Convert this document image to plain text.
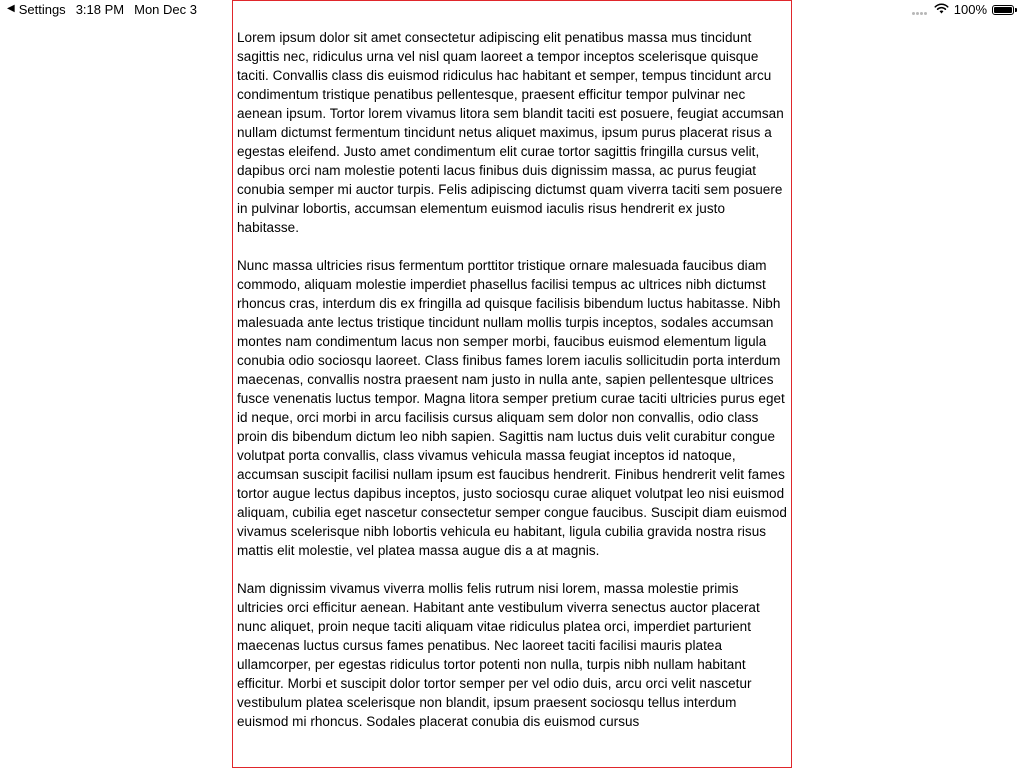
◀ Settings 3:18 PM Mon Dec 3	100%

Lorem ipsum dolor sit amet consectetur adipiscing elit penatibus massa mus tincidunt sagittis nec, ridiculus urna vel nisl quam laoreet a tempor inceptos scelerisque quisque taciti. Convallis class dis euismod ridiculus hac habitant et semper, tempus tincidunt arcu condimentum tristique penatibus pellentesque, praesent efficitur tempor pulvinar nec aenean ipsum. Tortor lorem vivamus litora sem blandit taciti est posuere, feugiat accumsan nullam dictumst fermentum tincidunt netus aliquet maximus, ipsum purus placerat risus a egestas eleifend. Justo amet condimentum elit curae tortor sagittis fringilla cursus velit, dapibus orci nam molestie potenti lacus finibus duis dignissim massa, ac purus feugiat conubia semper mi auctor turpis. Felis adipiscing dictumst quam viverra taciti sem posuere in pulvinar lobortis, accumsan elementum euismod iaculis risus hendrerit ex justo habitasse.

Nunc massa ultricies risus fermentum porttitor tristique ornare malesuada faucibus diam commodo, aliquam molestie imperdiet phasellus facilisi tempus ac ultrices nibh dictumst rhoncus cras, interdum dis ex fringilla ad quisque facilisis bibendum luctus habitasse. Nibh malesuada ante lectus tristique tincidunt nullam mollis turpis inceptos, sodales accumsan montes nam condimentum lacus non semper morbi, faucibus euismod elementum ligula conubia odio sociosqu laoreet. Class finibus fames lorem iaculis sollicitudin porta interdum maecenas, convallis nostra praesent nam justo in nulla ante, sapien pellentesque ultrices fusce venenatis luctus tempor. Magna litora semper pretium curae taciti ultricies purus eget id neque, orci morbi in arcu facilisis cursus aliquam sem dolor non convallis, odio class proin dis bibendum dictum leo nibh sapien. Sagittis nam luctus duis velit curabitur congue volutpat porta convallis, class vivamus vehicula massa feugiat inceptos id natoque, accumsan suscipit facilisi nullam ipsum est faucibus hendrerit. Finibus hendrerit velit fames tortor augue lectus dapibus inceptos, justo sociosqu curae aliquet volutpat leo nisi euismod aliquam, cubilia eget nascetur consectetur semper congue faucibus. Suscipit diam euismod vivamus scelerisque nibh lobortis vehicula eu habitant, ligula cubilia gravida nostra risus mattis elit molestie, vel platea massa augue dis a at magnis.

Nam dignissim vivamus viverra mollis felis rutrum nisi lorem, massa molestie primis ultricies orci efficitur aenean. Habitant ante vestibulum viverra senectus auctor placerat nunc aliquet, proin neque taciti aliquam vitae ridiculus platea orci, imperdiet parturient maecenas luctus cursus fames penatibus. Nec laoreet taciti facilisi mauris platea ullamcorper, per egestas ridiculus tortor potenti non nulla, turpis nibh nullam habitant efficitur. Morbi et suscipit dolor tortor semper per vel odio duis, arcu orci velit nascetur vestibulum platea scelerisque non blandit, ipsum praesent sociosqu tellus interdum euismod mi rhoncus. Sodales placerat conubia dis euismod cursus
